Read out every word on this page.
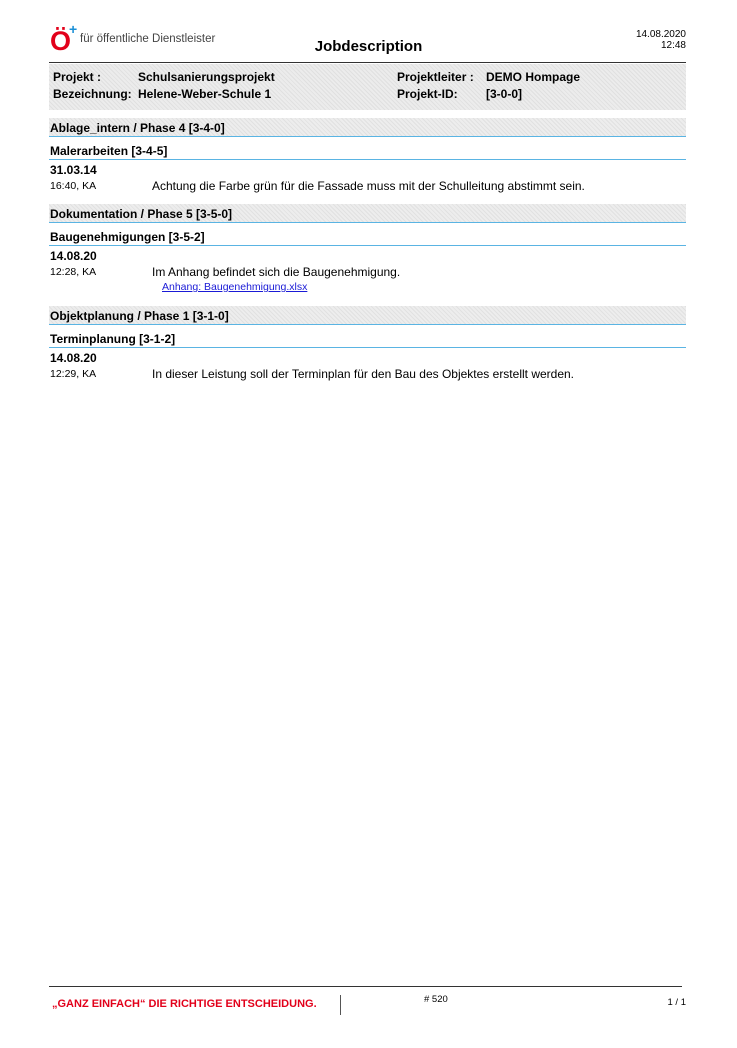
Ö
+
für öffentliche Dienstleister	Jobdescription
14.08.2020
12:48
Projekt :	Schulsanierungsprojekt
Bezeichnung: Helene-Weber-Schule 1
Projektleiter : DEMO Hompage
Projekt-ID: [3-0-0]
Ablage_intern / Phase 4 [3-4-0]
Malerarbeiten [3-4-5]
31.03.14
16:40, KA	Achtung die Farbe grün für die Fassade muss mit der Schulleitung abstimmt sein.
Dokumentation / Phase 5 [3-5-0]
Baugenehmigungen [3-5-2]
14.08.20
12:28, KA	Im Anhang befindet sich die Baugenehmigung.
Anhang: Baugenehmigung.xlsx
Objektplanung / Phase 1 [3-1-0]
Terminplanung [3-1-2]
14.08.20
12:29, KA	In dieser Leistung soll der Terminplan für den Bau des Objektes erstellt werden.
„GANZ EINFACH“ DIE RICHTIGE ENTSCHEIDUNG.	# 520	1 / 1
